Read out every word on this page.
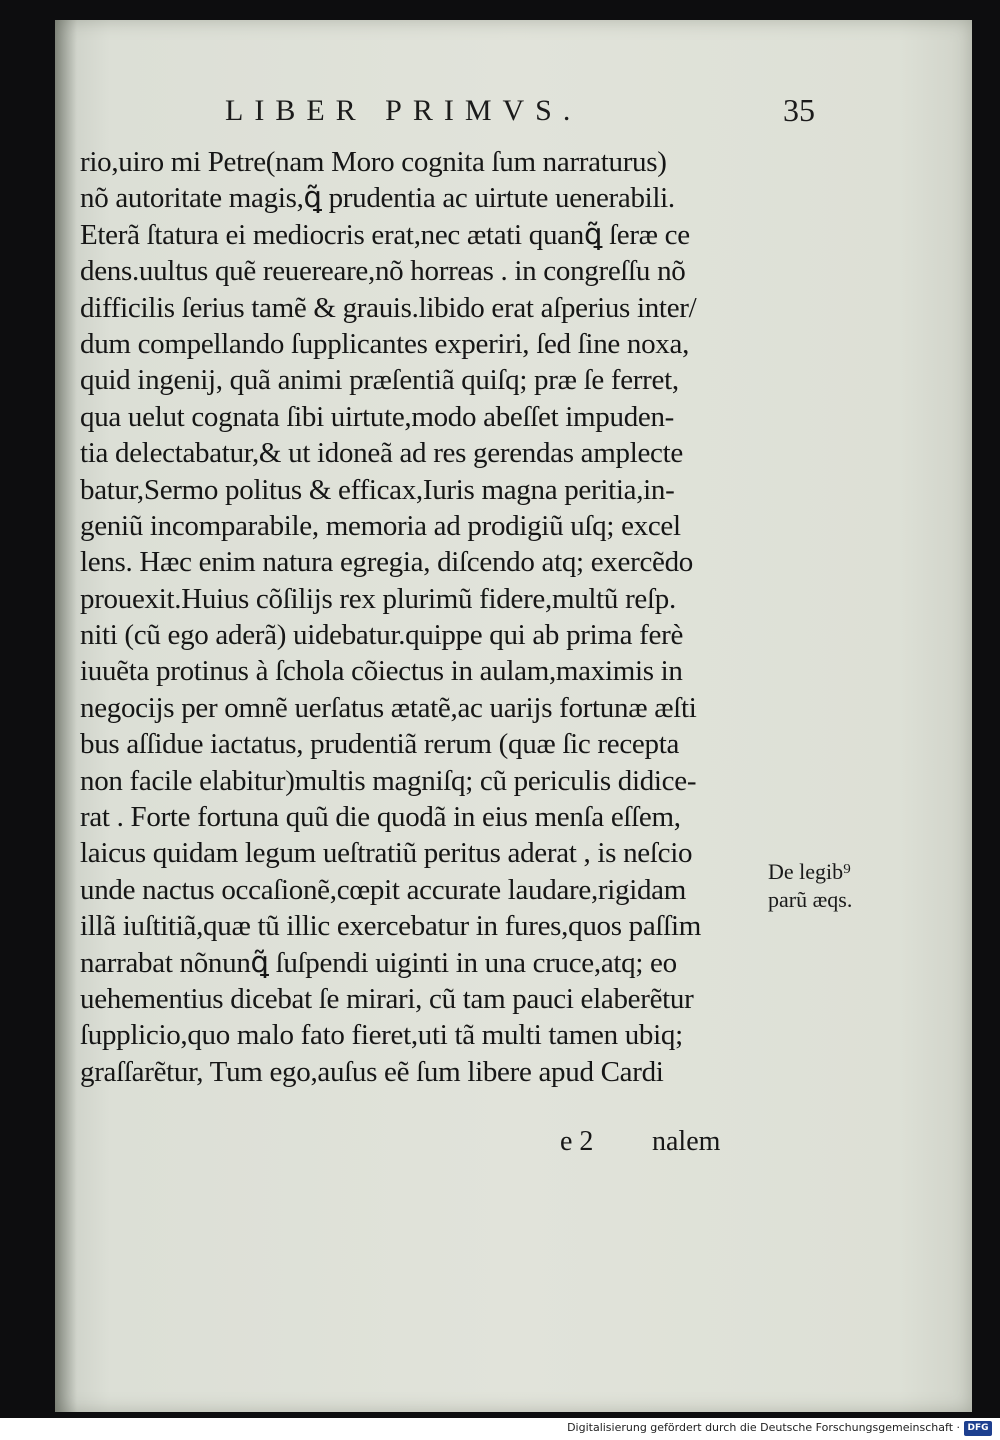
LIBER PRIMVS.	35
rio,uiro mi Petre(nam Moro cognita ſum narraturus)
nõ autoritate magis,ꝗ̃ prudentia ac uirtute uenerabili.
Eterã ſtatura ei mediocris erat,nec ætati quanꝗ̃ ſeræ ce
dens.uultus quẽ reuereare,nõ horreas . in congreſſu nõ
difficilis ſerius tamẽ & grauis.libido erat aſperius inter/
dum compellando ſupplicantes experiri, ſed ſine noxa,
quid ingenij, quã animi præſentiã quiſq; præ ſe ferret,
qua uelut cognata ſibi uirtute,modo abeſſet impuden-
tia delectabatur,& ut idoneã ad res gerendas amplecte
batur,Sermo politus & efficax,Iuris magna peritia,in-
geniũ incomparabile, memoria ad prodigiũ uſq; excel
lens. Hæc enim natura egregia, diſcendo atq; exercẽdo
prouexit.Huius cõſilijs rex plurimũ fidere,multũ reſp.
niti (cũ ego aderã) uidebatur.quippe qui ab prima ferè
iuuẽta protinus à ſchola cõiectus in aulam,maximis in
negocijs per omnẽ uerſatus ætatẽ,ac uarijs fortunæ æſti
bus aſſidue iactatus, prudentiã rerum (quæ ſic recepta
non facile elabitur)multis magniſq; cũ periculis didice-
rat . Forte fortuna quũ die quodã in eius menſa eſſem,
laicus quidam legum ueſtratiũ peritus aderat , is neſcio
unde nactus occaſionẽ,cœpit accurate laudare,rigidam
illã iuſtitiã,quæ tũ illic exercebatur in fures,quos paſſim
narrabat nõnunꝗ̃ ſuſpendi uiginti in una cruce,atq; eo
uehementius dicebat ſe mirari, cũ tam pauci elaberẽtur
ſupplicio,quo malo fato fieret,uti tã multi tamen ubiq;
graſſarẽtur, Tum ego,auſus eẽ ſum libere apud Cardi
De legib⁹
parũ æqs.
e 2 nalem
Digitalisierung gefördert durch die Deutsche Forschungsgemeinschaft · DFG
